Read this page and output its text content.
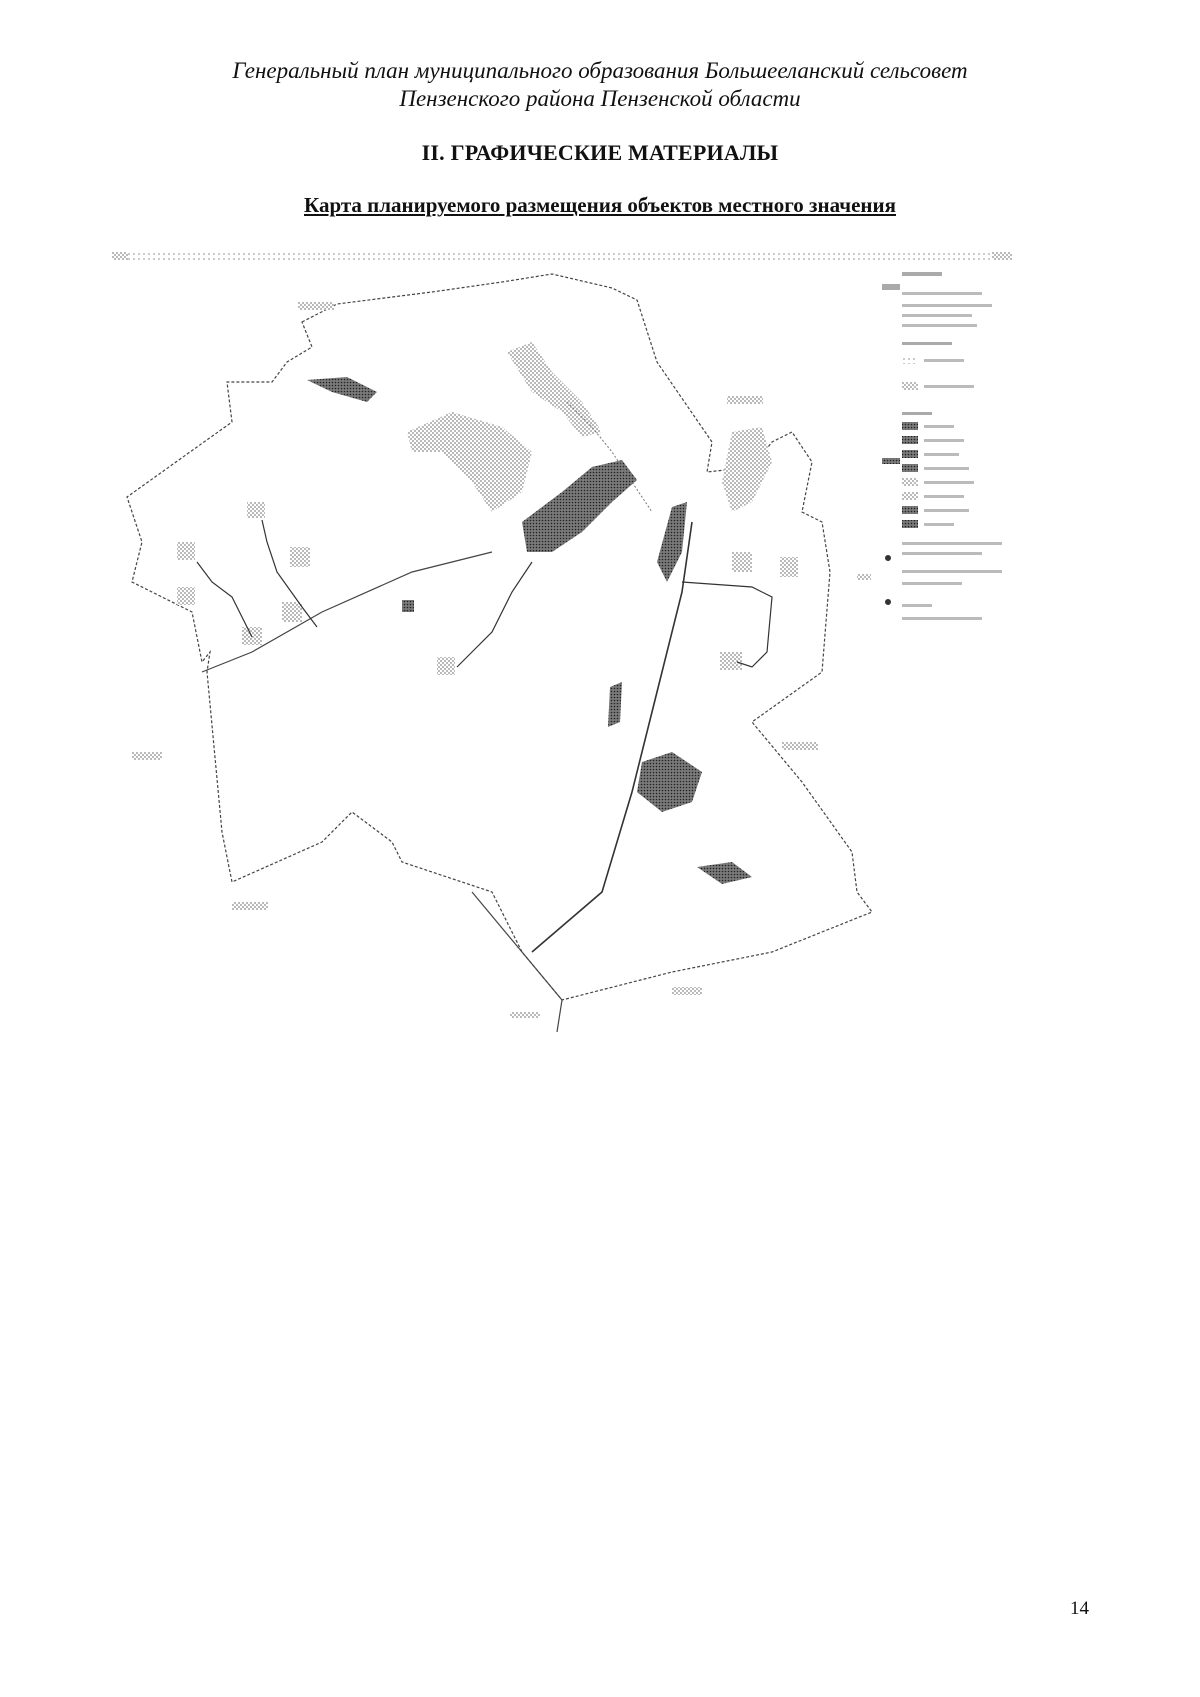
Генеральный план муниципального образования Большееланский сельсовет
Пензенского района Пензенской области
II. ГРАФИЧЕСКИЕ МАТЕРИАЛЫ
Карта планируемого размещения объектов местного значения
14
